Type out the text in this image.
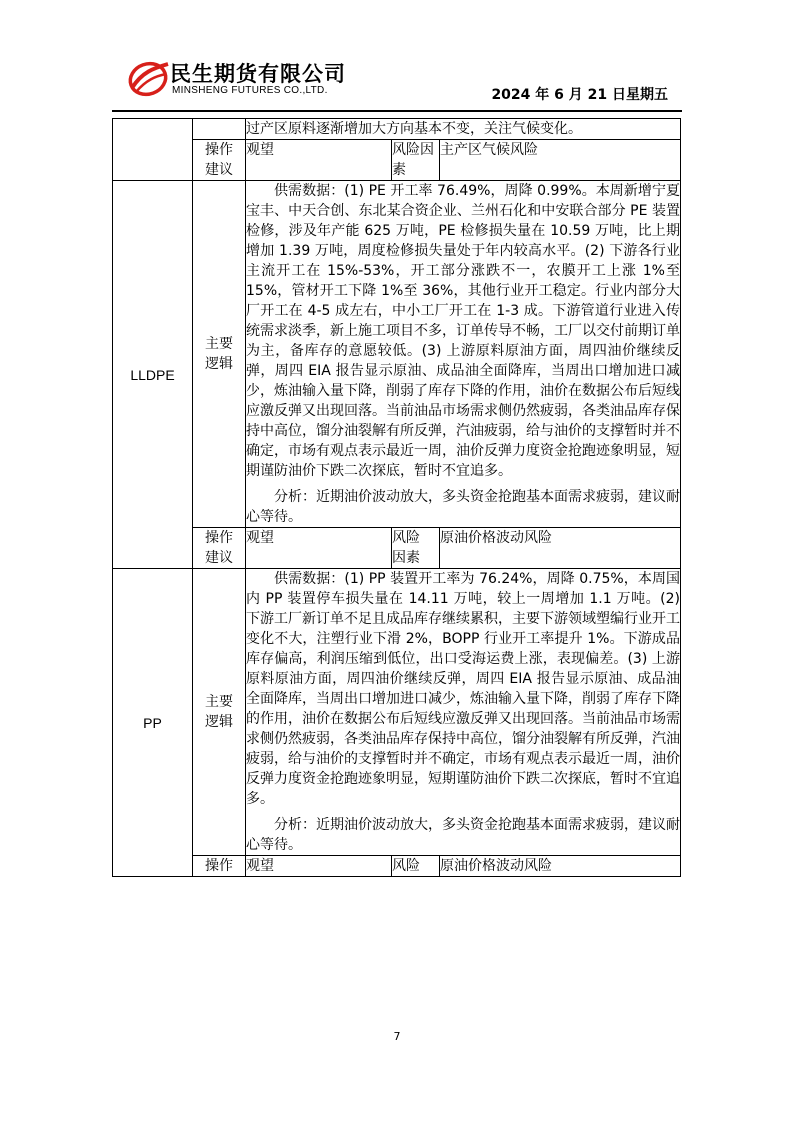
民生期货有限公司
MINSHENG FUTURES CO.,LTD.	2024 年 6 月 21 日星期五
		过产区原料逐渐增加大方向基本不变，关注气候变化。		
	操作建议	观望	风险因素	主产区气候风险
LLDPE	主要逻辑	供需数据：(1) PE 开工率 76.49%，周降 0.99%。本周新增宁夏宝丰、中天合创、东北某合资企业、兰州石化和中安联合部分 PE 装置检修，涉及年产能 625 万吨，PE 检修损失量在 10.59 万吨，比上期增加 1.39 万吨，周度检修损失量处于年内较高水平。(2) 下游各行业主流开工在 15%-53%，开工部分涨跌不一，农膜开工上涨 1%至 15%，管材开工下降 1%至 36%，其他行业开工稳定。行业内部分大厂开工在 4-5 成左右，中小工厂开工在 1-3 成。下游管道行业进入传统需求淡季，新上施工项目不多，订单传导不畅，工厂以交付前期订单为主，备库存的意愿较低。(3) 上游原料原油方面，周四油价继续反弹，周四 EIA 报告显示原油、成品油全面降库，当周出口增加进口减少，炼油输入量下降，削弱了库存下降的作用，油价在数据公布后短线应激反弹又出现回落。当前油品市场需求侧仍然疲弱，各类油品库存保持中高位，馏分油裂解有所反弹，汽油疲弱，给与油价的支撑暂时并不确定，市场有观点表示最近一周，油价反弹力度资金抢跑迹象明显，短期谨防油价下跌二次探底，暂时不宜追多。

分析：近期油价波动放大，多头资金抢跑基本面需求疲弱，建议耐心等待。		

	操作建议	观望	风险因素	原油价格波动风险
PP	主要逻辑	供需数据：(1) PP 装置开工率为 76.24%，周降 0.75%，本周国内 PP 装置停车损失量在 14.11 万吨，较上一周增加 1.1 万吨。(2) 下游工厂新订单不足且成品库存继续累积，主要下游领域塑编行业开工变化不大，注塑行业下滑 2%，BOPP 行业开工率提升 1%。下游成品库存偏高，利润压缩到低位，出口受海运费上涨，表现偏差。(3) 上游原料原油方面，周四油价继续反弹，周四 EIA 报告显示原油、成品油全面降库，当周出口增加进口减少，炼油输入量下降，削弱了库存下降的作用，油价在数据公布后短线应激反弹又出现回落。当前油品市场需求侧仍然疲弱，各类油品库存保持中高位，馏分油裂解有所反弹，汽油疲弱，给与油价的支撑暂时并不确定，市场有观点表示最近一周，油价反弹力度资金抢跑迹象明显，短期谨防油价下跌二次探底，暂时不宜追多。

分析：近期油价波动放大，多头资金抢跑基本面需求疲弱，建议耐心等待。		

	操作	观望	风险	原油价格波动风险
7
